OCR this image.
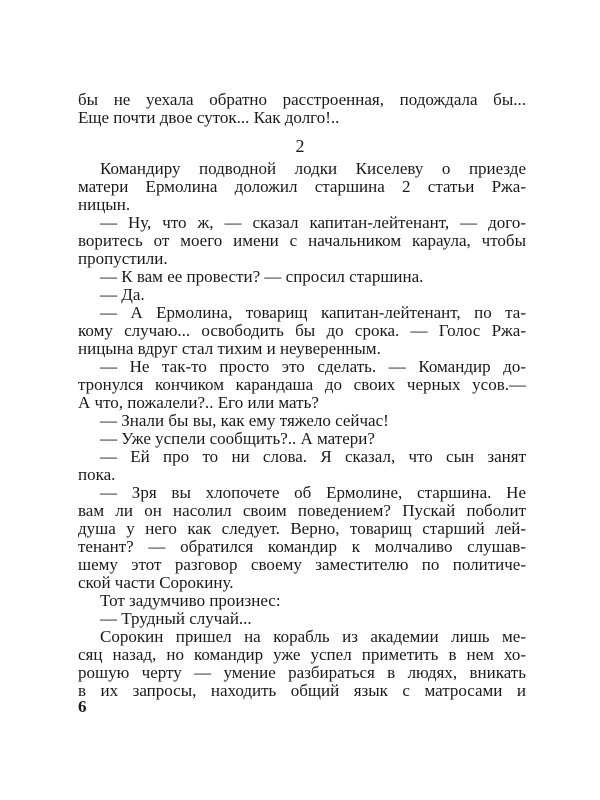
бы не уехала обратно расстроенная, подождала бы...
Еще почти двое суток... Как долго!..
2
Командиру подводной лодки Киселеву о приезде
матери Ермолина доложил старшина 2 статьи Ржа-
ницын.
— Ну, что ж, — сказал капитан-лейтенант, — дого-
воритесь от моего имени с начальником караула, чтобы
пропустили.
— К вам ее провести? — спросил старшина.
— Да.
— А Ермолина, товарищ капитан-лейтенант, по та-
кому случаю... освободить бы до срока. — Голос Ржа-
ницына вдруг стал тихим и неуверенным.
— Не так-то просто это сделать. — Командир до-
тронулся кончиком карандаша до своих черных усов.—
А что, пожалели?.. Его или мать?
— Знали бы вы, как ему тяжело сейчас!
— Уже успели сообщить?.. А матери?
— Ей про то ни слова. Я сказал, что сын занят
пока.
— Зря вы хлопочете об Ермолине, старшина. Не
вам ли он насолил своим поведением? Пускай поболит
душа у него как следует. Верно, товарищ старший лей-
тенант? — обратился командир к молчаливо слушав-
шему этот разговор своему заместителю по политиче-
ской части Сорокину.
Тот задумчиво произнес:
— Трудный случай...
Сорокин пришел на корабль из академии лишь ме-
сяц назад, но командир уже успел приметить в нем хо-
рошую черту — умение разбираться в людях, вникать
в их запросы, находить общий язык с матросами и
6
